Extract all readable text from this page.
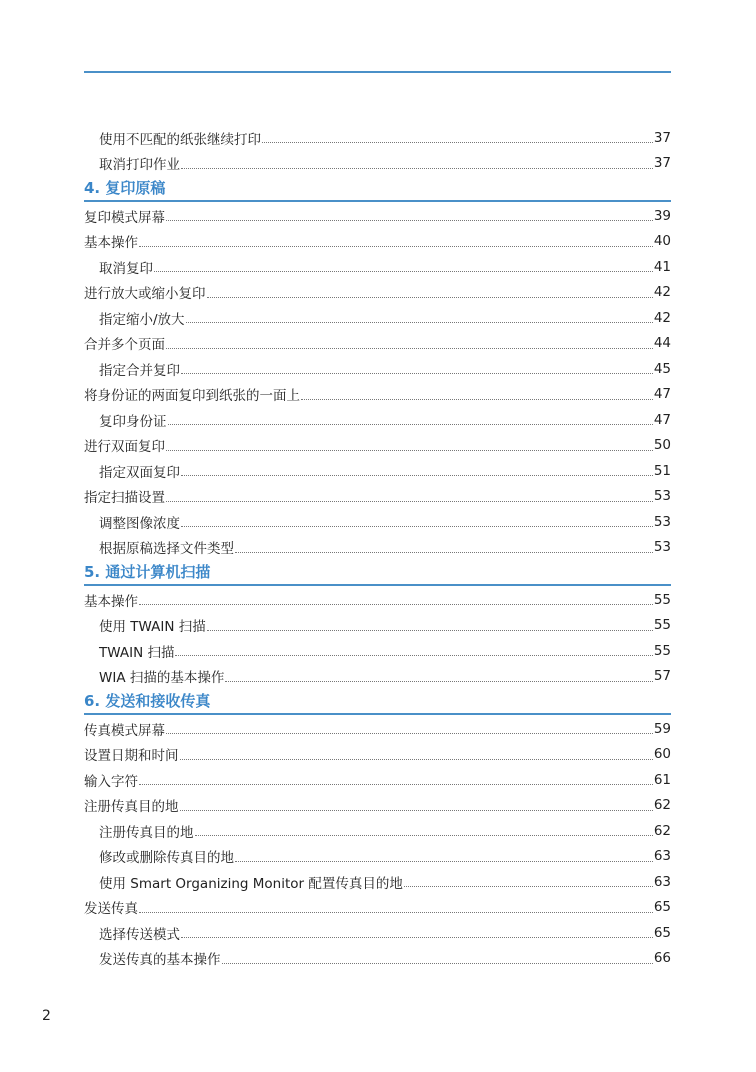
使用不匹配的纸张继续打印	37
取消打印作业	37
4. 复印原稿
复印模式屏幕	39
基本操作	40
取消复印	41
进行放大或缩小复印	42
指定缩小/放大	42
合并多个页面	44
指定合并复印	45
将身份证的两面复印到纸张的一面上	47
复印身份证	47
进行双面复印	50
指定双面复印	51
指定扫描设置	53
调整图像浓度	53
根据原稿选择文件类型	53
5. 通过计算机扫描
基本操作	55
使用 TWAIN 扫描	55
TWAIN 扫描	55
WIA 扫描的基本操作	57
6. 发送和接收传真
传真模式屏幕	59
设置日期和时间	60
输入字符	61
注册传真目的地	62
注册传真目的地	62
修改或删除传真目的地	63
使用 Smart Organizing Monitor 配置传真目的地	63
发送传真	65
选择传送模式	65
发送传真的基本操作	66
2
